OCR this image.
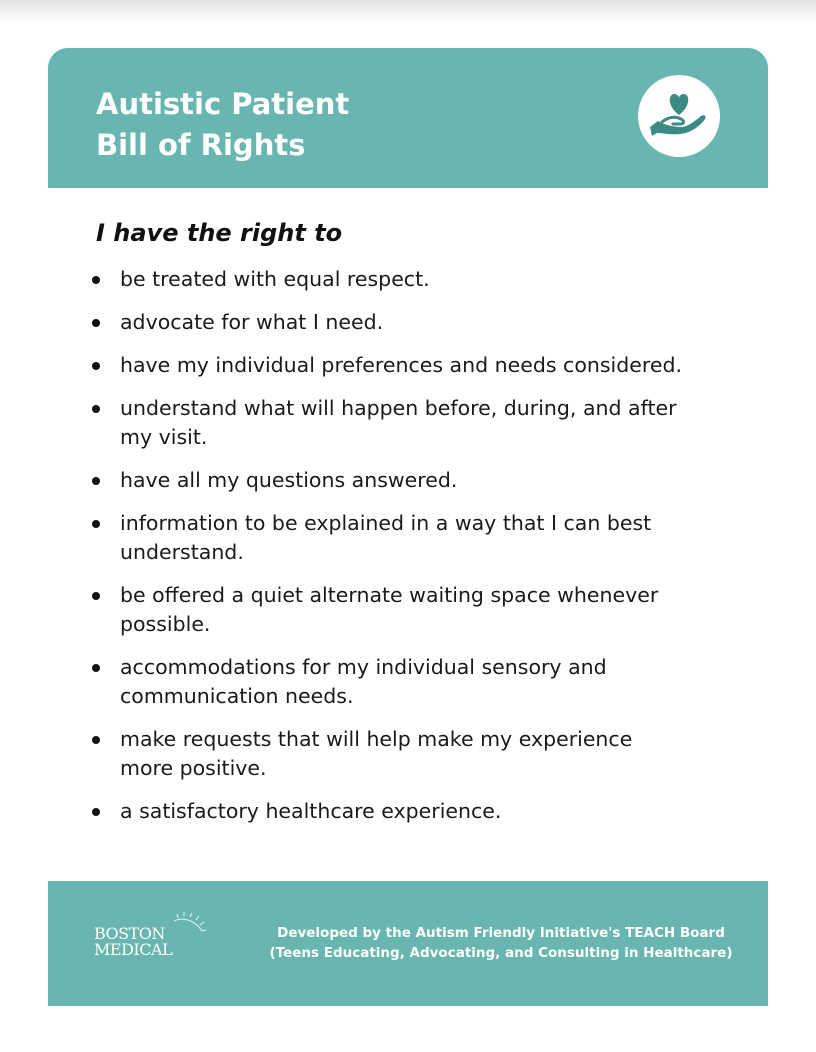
Autistic Patient
Bill of Rights
I have the right to
be treated with equal respect.
advocate for what I need.
have my individual preferences and needs considered.
understand what will happen before, during, and after my visit.
have all my questions answered.
information to be explained in a way that I can best understand.
be offered a quiet alternate waiting space whenever possible.
accommodations for my individual sensory and communication needs.
make requests that will help make my experience more positive.
a satisfactory healthcare experience.
BOSTON
MEDICAL
Developed by the Autism Friendly Initiative's TEACH Board
(Teens Educating, Advocating, and Consulting in Healthcare)
